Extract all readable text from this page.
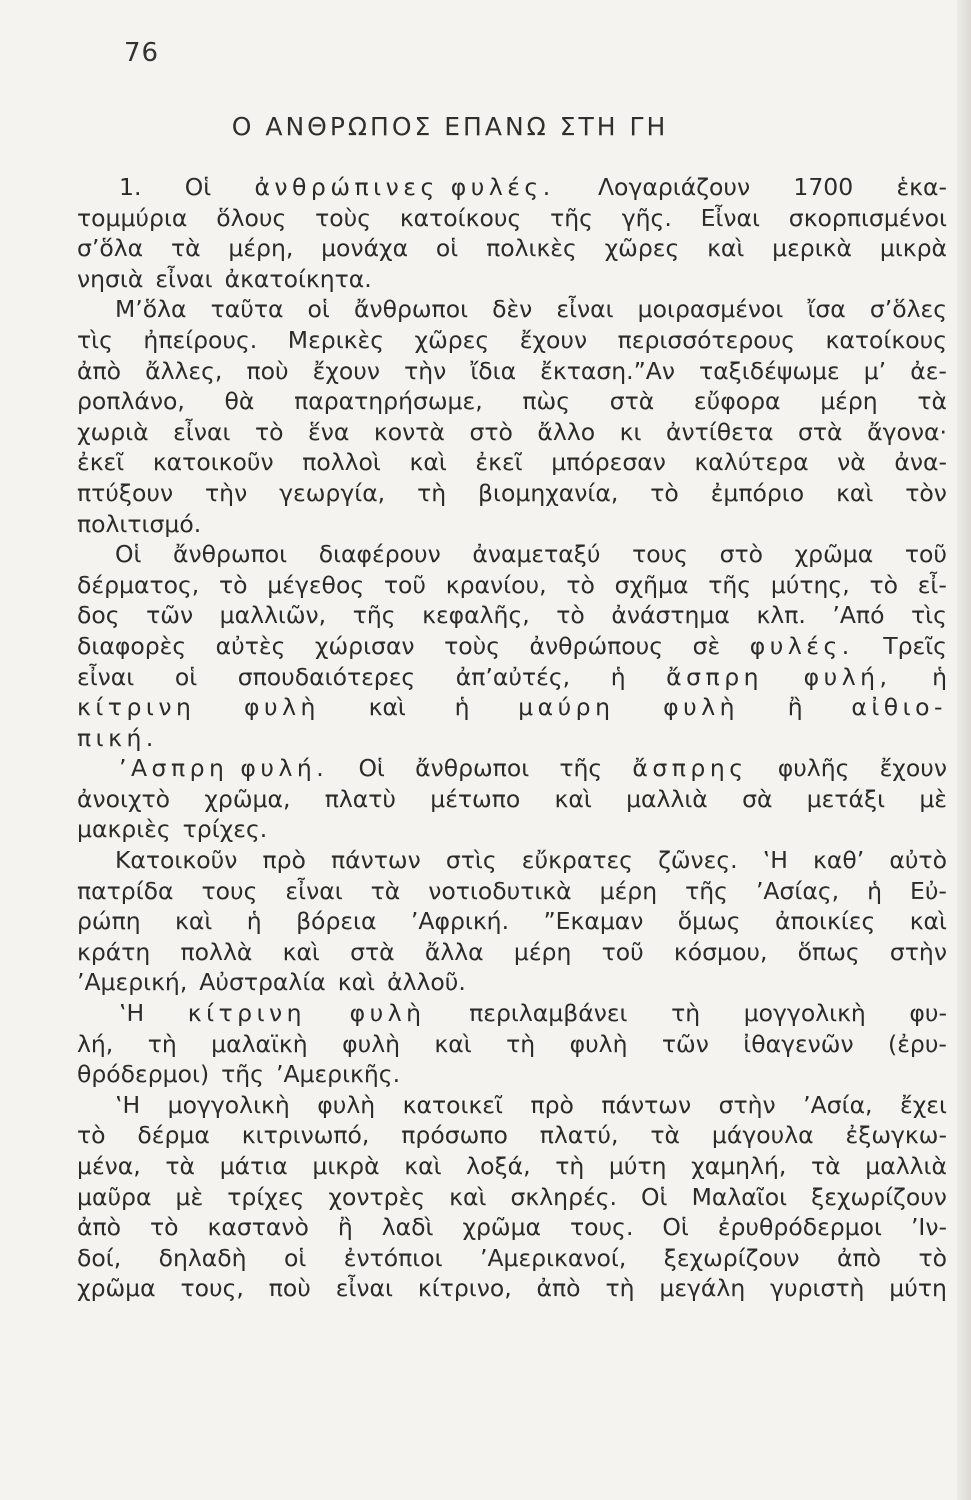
76
Ο ΑΝΘΡΩΠΟΣ ΕΠΑΝΩ ΣΤΗ ΓΗ
1. Οἱ ἀνθρώπινες φυλές. Λογαριάζουν 1700 ἑκα-
τομμύρια ὅλους τοὺς κατοίκους τῆς γῆς. Εἶναι σκορπισμένοι
σ’ὅλα τὰ μέρη, μονάχα οἱ πολικὲς χῶρες καὶ μερικὰ μικρὰ
νησιὰ εἶναι ἀκατοίκητα.
Μ’ὅλα ταῦτα οἱ ἄνθρωποι δὲν εἶναι μοιρασμένοι ἴσα σ’ὅλες
τὶς ἠπείρους. Μερικὲς χῶρες ἔχουν περισσότερους κατοίκους
ἀπὸ ἄλλες, ποὺ ἔχουν τὴν ἴδια ἔκταση.”Αν ταξιδέψωμε μ’ ἀε-
ροπλάνο, θὰ παρατηρήσωμε, πὼς στὰ εὔφορα μέρη τὰ
χωριὰ εἶναι τὸ ἕνα κοντὰ στὸ ἄλλο κι ἀντίθετα στὰ ἄγονα·
ἐκεῖ κατοικοῦν πολλοὶ καὶ ἐκεῖ μπόρεσαν καλύτερα νὰ ἀνα-
πτύξουν τὴν γεωργία, τὴ βιομηχανία, τὸ ἐμπόριο καὶ τὸν
πολιτισμό.
Οἱ ἄνθρωποι διαφέρουν ἀναμεταξύ τους στὸ χρῶμα τοῦ
δέρματος, τὸ μέγεθος τοῦ κρανίου, τὸ σχῆμα τῆς μύτης, τὸ εἶ-
δος τῶν μαλλιῶν, τῆς κεφαλῆς, τὸ ἀνάστημα κλπ. ’Από τὶς
διαφορὲς αὐτὲς χώρισαν τοὺς ἀνθρώπους σὲ φυλές. Τρεῖς
εἶναι οἱ σπουδαιότερες ἀπ’αὐτές, ἡ ἄσπρη φυλή, ἡ
κίτρινη φυλὴ καὶ ἡ μαύρη φυλὴ ἢ αἰθιο-
πική.
’Ασπρη φυλή. Οἱ ἄνθρωποι τῆς ἄσπρης φυλῆς ἔχουν
ἀνοιχτὸ χρῶμα, πλατὺ μέτωπο καὶ μαλλιὰ σὰ μετάξι μὲ
μακριὲς τρίχες.
Κατοικοῦν πρὸ πάντων στὶς εὔκρατες ζῶνες. ‛Η καθ’ αὐτὸ
πατρίδα τους εἶναι τὰ νοτιοδυτικὰ μέρη τῆς ’Ασίας, ἡ Εὐ-
ρώπη καὶ ἡ βόρεια ’Αφρική. ”Εκαμαν ὅμως ἀποικίες καὶ
κράτη πολλὰ καὶ στὰ ἄλλα μέρη τοῦ κόσμου, ὅπως στὴν
’Αμερική, Αὐστραλία καὶ ἀλλοῦ.
‛Η κίτρινη φυλὴ περιλαμβάνει τὴ μογγολικὴ φυ-
λή, τὴ μαλαϊκὴ φυλὴ καὶ τὴ φυλὴ τῶν ἰθαγενῶν (ἐρυ-
θρόδερμοι) τῆς ’Αμερικῆς.
‛Η μογγολικὴ φυλὴ κατοικεῖ πρὸ πάντων στὴν ’Ασία, ἔχει
τὸ δέρμα κιτρινωπό, πρόσωπο πλατύ, τὰ μάγουλα ἐξωγκω-
μένα, τὰ μάτια μικρὰ καὶ λοξά, τὴ μύτη χαμηλή, τὰ μαλλιὰ
μαῦρα μὲ τρίχες χοντρὲς καὶ σκληρές. Οἱ Μαλαῖοι ξεχωρίζουν
ἀπὸ τὸ καστανὸ ἢ λαδὶ χρῶμα τους. Οἱ ἐρυθρόδερμοι ’Ιν-
δοί, δηλαδὴ οἱ ἐντόπιοι ’Αμερικανοί, ξεχωρίζουν ἀπὸ τὸ
χρῶμα τους, ποὺ εἶναι κίτρινο, ἀπὸ τὴ μεγάλη γυριστὴ μύτη
